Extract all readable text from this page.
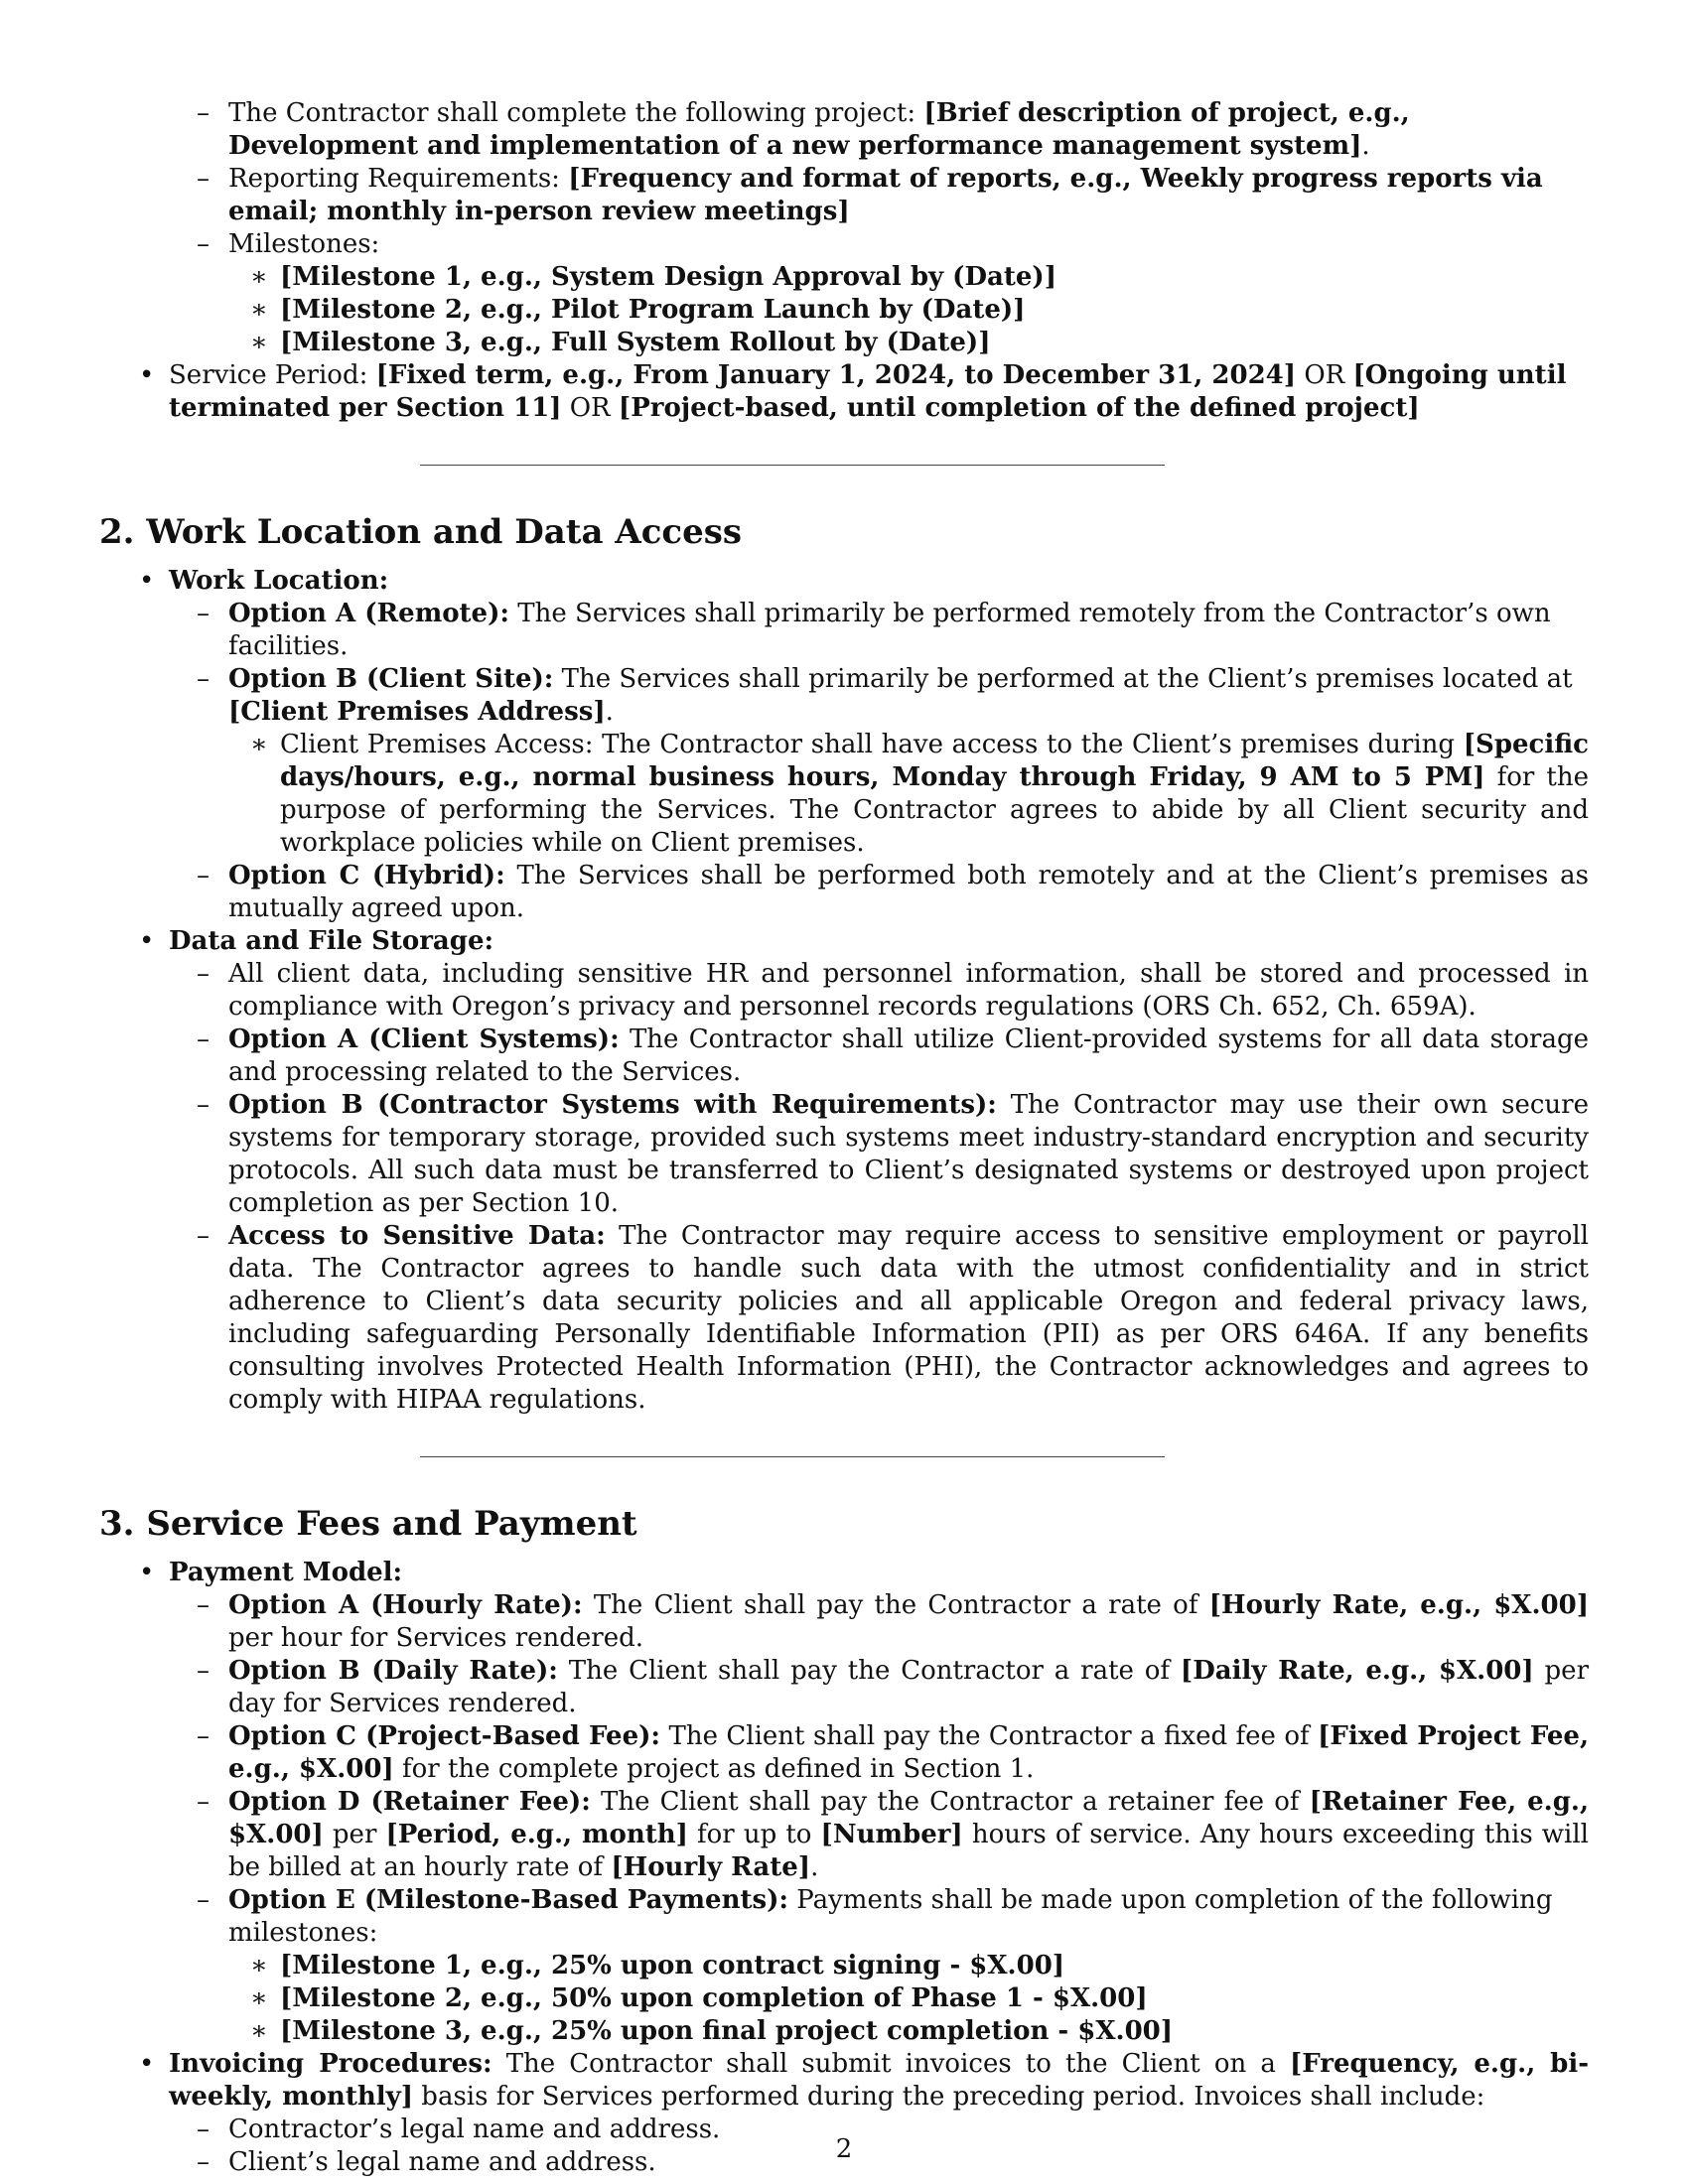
– The Contractor shall complete the following project: [Brief description of project, e.g., Development and implementation of a new performance management system].

– Reporting Requirements: [Frequency and format of reports, e.g., Weekly progress reports via email; monthly in-person review meetings]

– Milestones:

∗ [Milestone 1, e.g., System Design Approval by (Date)]

∗ [Milestone 2, e.g., Pilot Program Launch by (Date)]

∗ [Milestone 3, e.g., Full System Rollout by (Date)]

• Service Period: [Fixed term, e.g., From January 1, 2024, to December 31, 2024] OR [Ongoing until terminated per Section 11] OR [Project-based, until completion of the defined project]

2. Work Location and Data Access

• Work Location:

– Option A (Remote): The Services shall primarily be performed remotely from the Contractor’s own facilities.

– Option B (Client Site): The Services shall primarily be performed at the Client’s premises located at [Client Premises Address].

∗ Client Premises Access: The Contractor shall have access to the Client’s premises during [Specific days/hours, e.g., normal business hours, Monday through Friday, 9 AM to 5 PM] for the purpose of performing the Services. The Contractor agrees to abide by all Client security and workplace policies while on Client premises.

– Option C (Hybrid): The Services shall be performed both remotely and at the Client’s premises as mutually agreed upon.

• Data and File Storage:

– All client data, including sensitive HR and personnel information, shall be stored and processed in compliance with Oregon’s privacy and personnel records regulations (ORS Ch. 652, Ch. 659A).

– Option A (Client Systems): The Contractor shall utilize Client-provided systems for all data storage and processing related to the Services.

– Option B (Contractor Systems with Requirements): The Contractor may use their own secure systems for temporary storage, provided such systems meet industry-standard encryption and security protocols. All such data must be transferred to Client’s designated systems or destroyed upon project completion as per Section 10.

– Access to Sensitive Data: The Contractor may require access to sensitive employment or payroll data. The Contractor agrees to handle such data with the utmost confidentiality and in strict adherence to Client’s data security policies and all applicable Oregon and federal privacy laws, including safeguarding Personally Identifiable Information (PII) as per ORS 646A. If any benefits consulting involves Protected Health Information (PHI), the Contractor acknowledges and agrees to comply with HIPAA regulations.

3. Service Fees and Payment

• Payment Model:

– Option A (Hourly Rate): The Client shall pay the Contractor a rate of [Hourly Rate, e.g., $X.00] per hour for Services rendered.

– Option B (Daily Rate): The Client shall pay the Contractor a rate of [Daily Rate, e.g., $X.00] per day for Services rendered.

– Option C (Project-Based Fee): The Client shall pay the Contractor a fixed fee of [Fixed Project Fee, e.g., $X.00] for the complete project as defined in Section 1.

– Option D (Retainer Fee): The Client shall pay the Contractor a retainer fee of [Retainer Fee, e.g., $X.00] per [Period, e.g., month] for up to [Number] hours of service. Any hours exceeding this will be billed at an hourly rate of [Hourly Rate].

– Option E (Milestone-Based Payments): Payments shall be made upon completion of the following milestones:

∗ [Milestone 1, e.g., 25% upon contract signing - $X.00]

∗ [Milestone 2, e.g., 50% upon completion of Phase 1 - $X.00]

∗ [Milestone 3, e.g., 25% upon final project completion - $X.00]

• Invoicing Procedures: The Contractor shall submit invoices to the Client on a [Frequency, e.g., bi-weekly, monthly] basis for Services performed during the preceding period. Invoices shall include:

– Contractor’s legal name and address.

– Client’s legal name and address.	2
